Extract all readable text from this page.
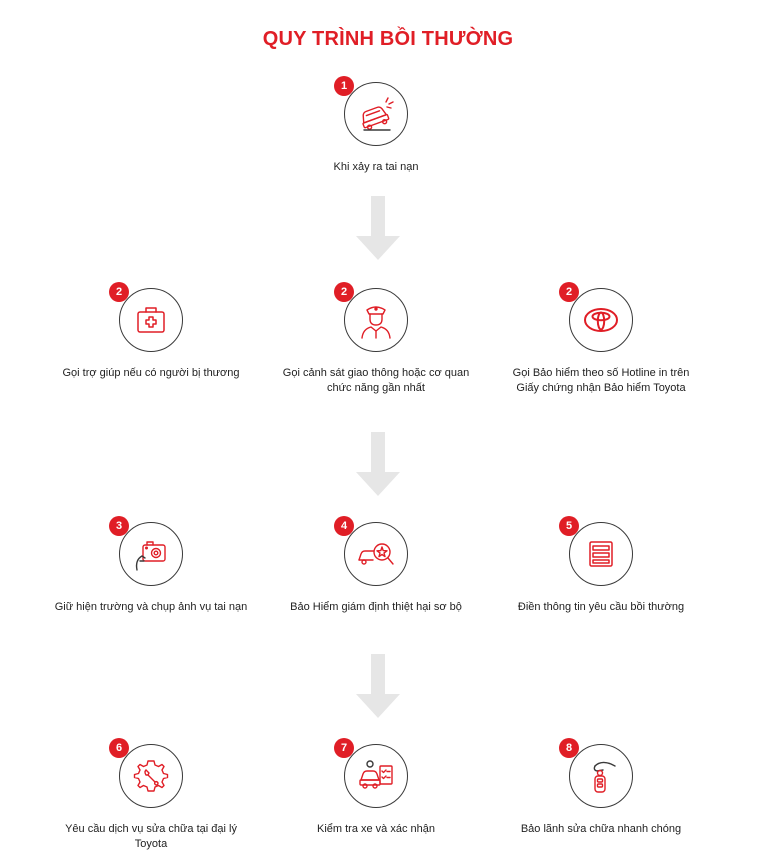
QUY TRÌNH BỒI THƯỜNG
1
Khi xảy ra tai nạn
2
Gọi trợ giúp nếu có người bị thương
2
Gọi cảnh sát giao thông hoặc cơ quan chức năng gần nhất
2
Gọi Bảo hiểm theo số Hotline in trên Giấy chứng nhận Bảo hiểm Toyota
3
Giữ hiện trường và chụp ảnh vụ tai nạn
4
Bảo Hiểm giám định thiệt hại sơ bộ
5
Điền thông tin yêu cầu bồi thường
6
Yêu cầu dịch vụ sửa chữa tại đại lý Toyota
7
Kiểm tra xe và xác nhận
8
Bảo lãnh sửa chữa nhanh chóng
